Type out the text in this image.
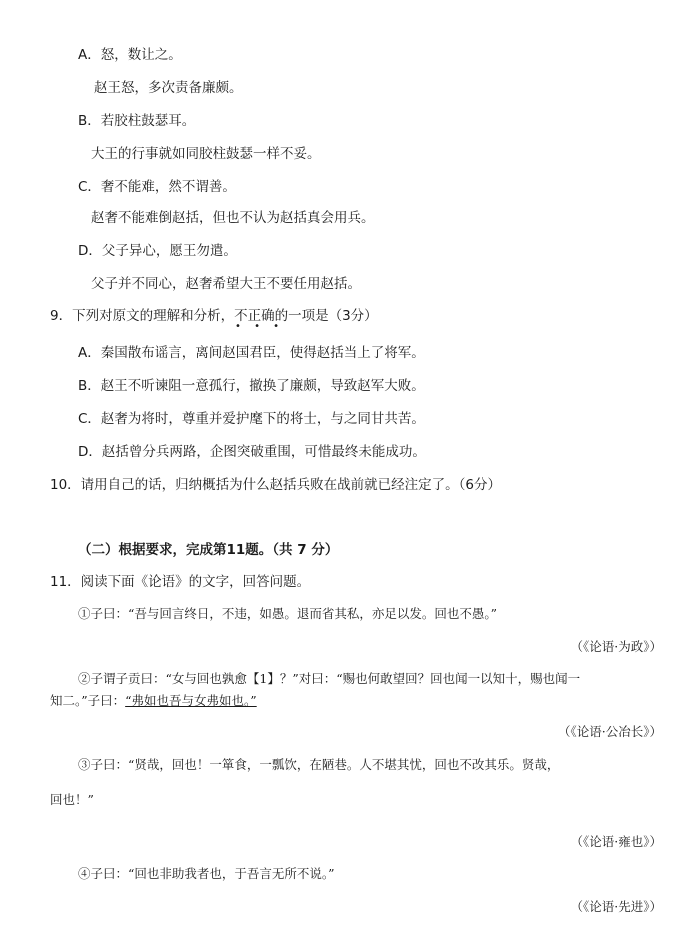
A．怒，数让之。
赵王怒，多次责备廉颇。
B．若胶柱鼓瑟耳。
大王的行事就如同胶柱鼓瑟一样不妥。
C．奢不能难，然不谓善。
赵奢不能难倒赵括，但也不认为赵括真会用兵。
D．父子异心，愿王勿遣。
父子并不同心，赵奢希望大王不要任用赵括。
9．下列对原文的理解和分析，不正确的一项是（3分）
• • •
A．秦国散布谣言，离间赵国君臣，使得赵括当上了将军。
B．赵王不听谏阻一意孤行，撤换了廉颇，导致赵军大败。
C．赵奢为将时，尊重并爱护麾下的将士，与之同甘共苦。
D．赵括曾分兵两路，企图突破重围，可惜最终未能成功。
10．请用自己的话，归纳概括为什么赵括兵败在战前就已经注定了。（6分）
（二）根据要求，完成第11题。（共 7 分）
11．阅读下面《论语》的文字，回答问题。
①子曰：“吾与回言终日，不违，如愚。退而省其私，亦足以发。回也不愚。”
（《论语·为政》）
②子谓子贡曰：“女与回也孰愈【1】？”对曰：“赐也何敢望回？回也闻一以知十，赐也闻一
知二。”子曰：“弗如也吾与女弗如也。”
（《论语·公冶长》）
③子曰：“贤哉，回也！一箪食，一瓢饮，在陋巷。人不堪其忧，回也不改其乐。贤哉，
回也！”
（《论语·雍也》）
④子曰：“回也非助我者也，于吾言无所不说。”
（《论语·先进》）
